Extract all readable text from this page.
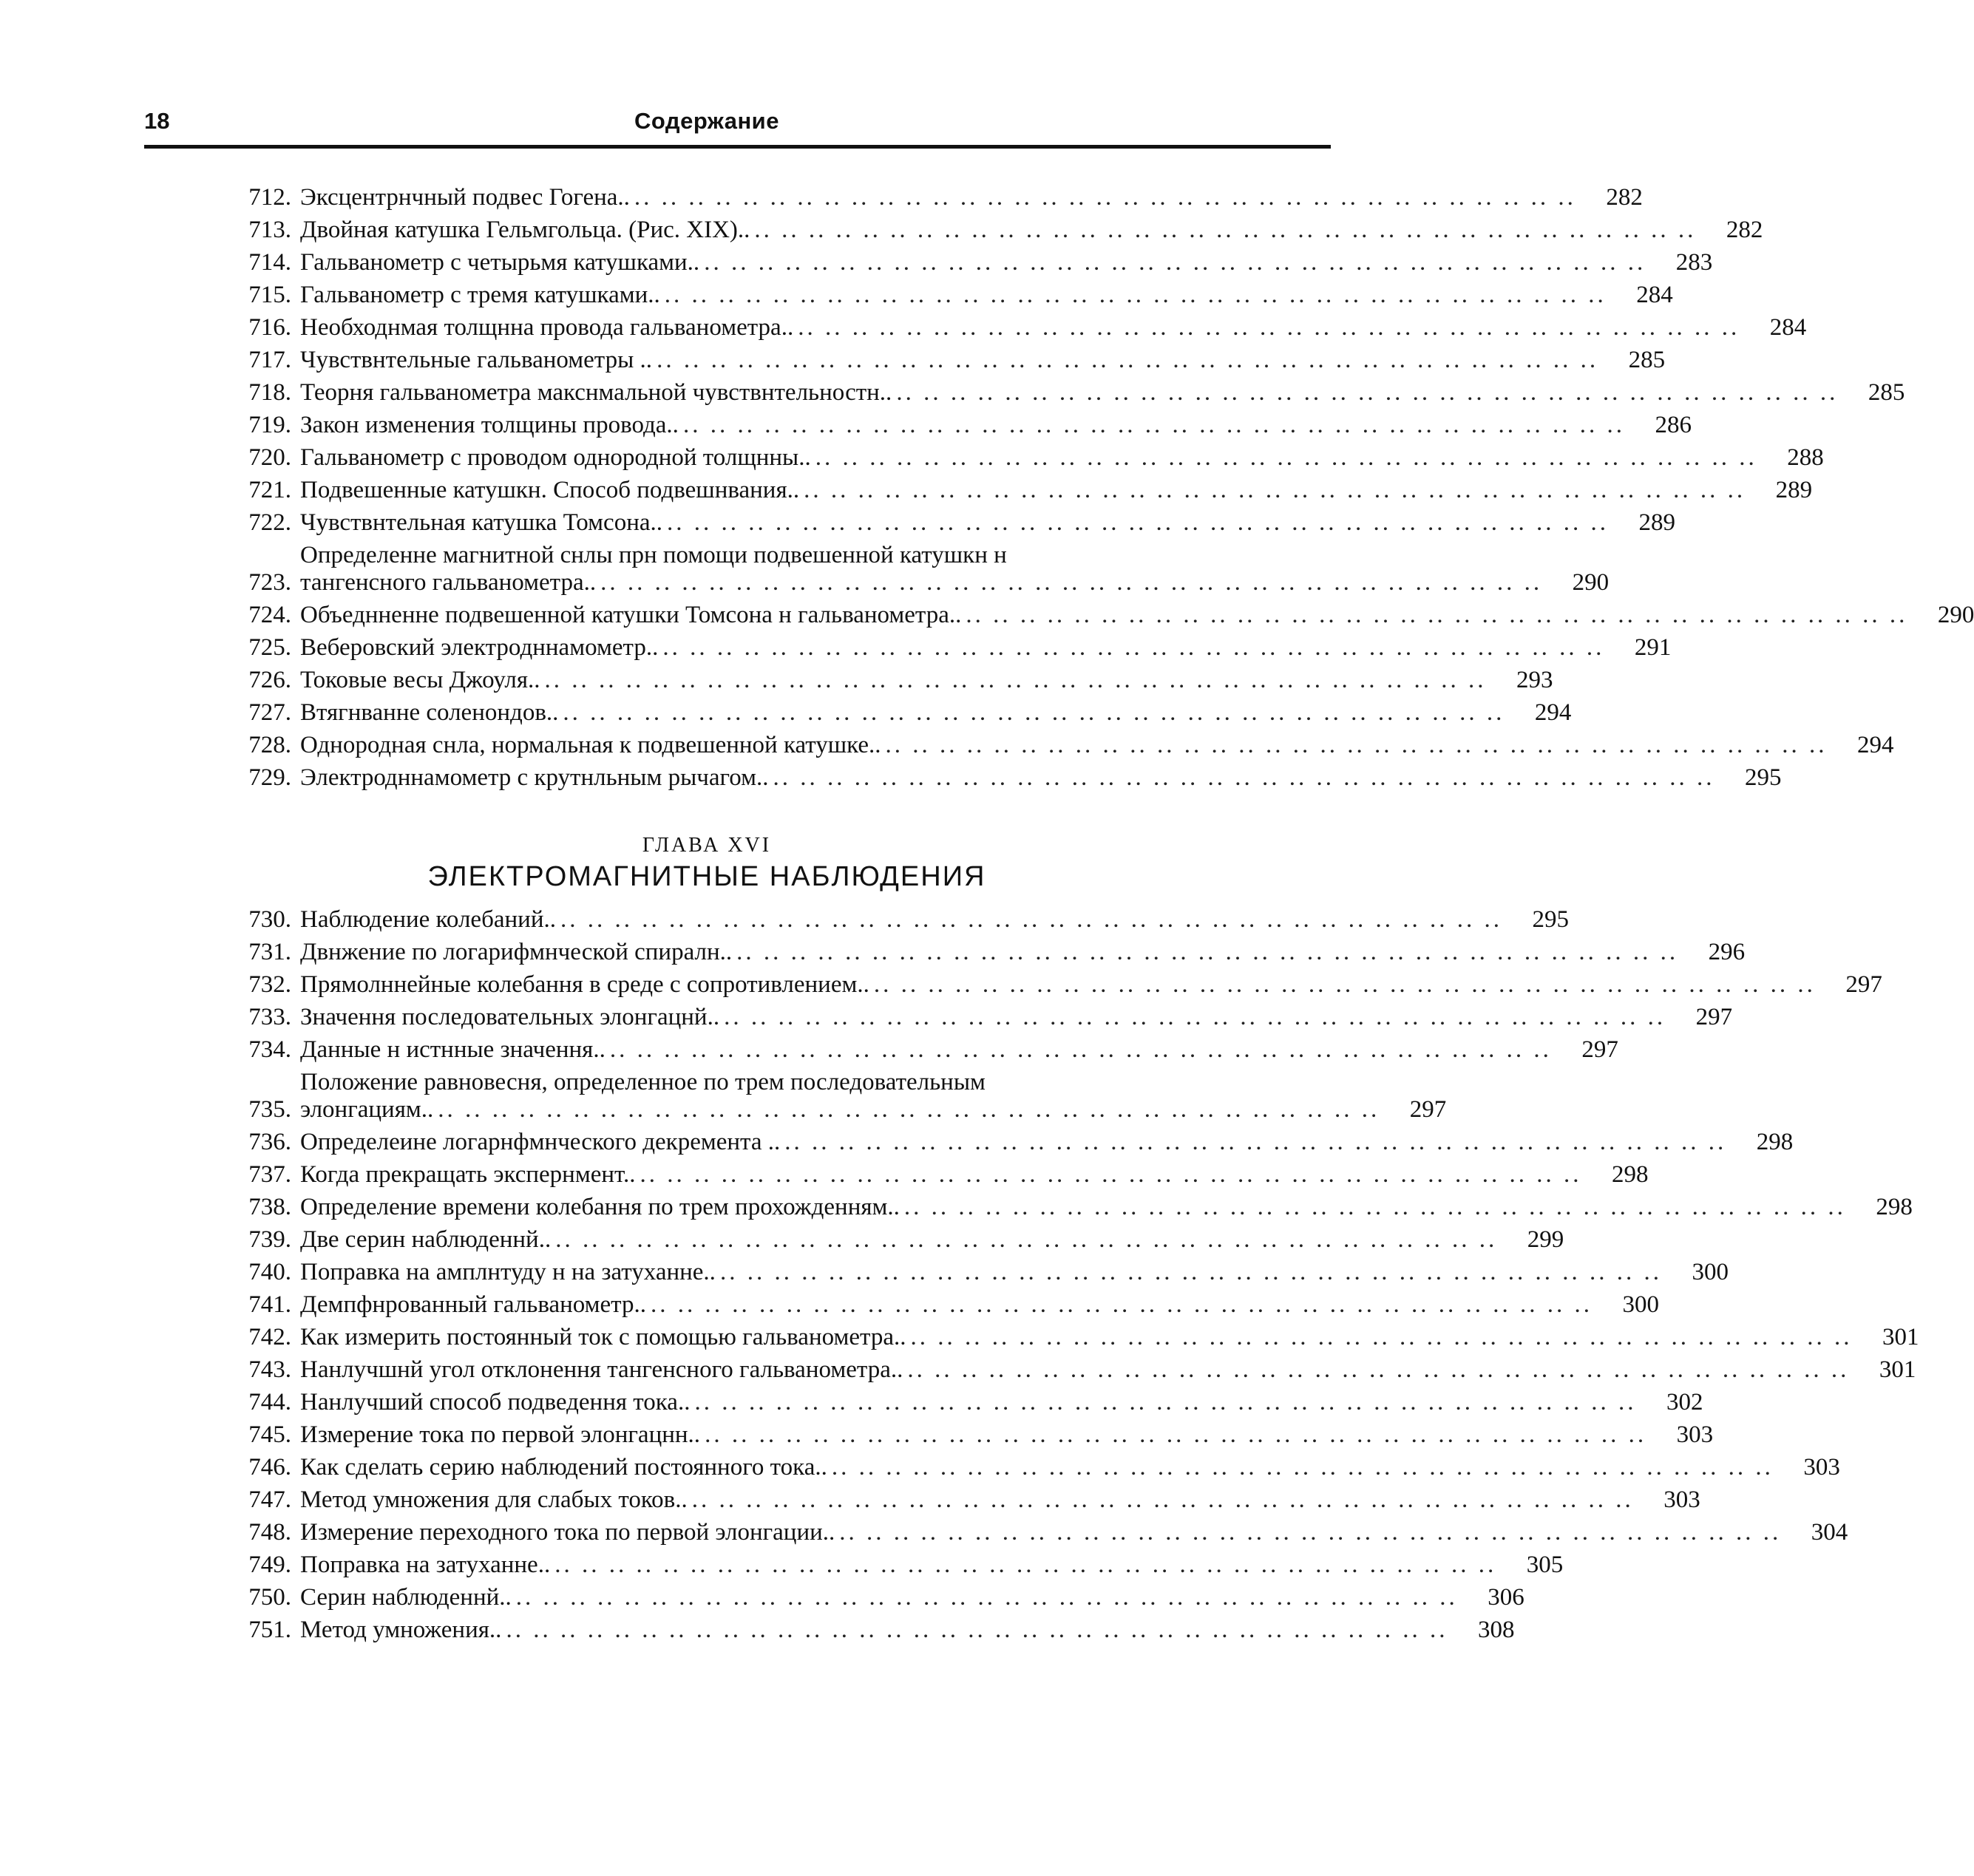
18	Содержание
712. Эксцентрнчный подвес Гогена.. .. ..	282
713. Двойная катушка Гельмгольца. (Рис. XIX).. .. ..	282
714. Гальванометр с четырьмя катушками.. .. ..	283
715. Гальванометр с тремя катушками.. .. ..	284
716. Необходнмая толщнна провода гальванометра.. .. ..	284
717. Чувствнтельные гальванометры .. .. ..	285
718. Теорня гальванометра макснмальной чувствнтельностн.. .. ..	285
719. Закон изменения толщины провода.. .. ..	286
720. Гальванометр с проводом однородной толщнны.. .. ..	288
721. Подвешенные катушкн. Способ подвешнвания.. .. ..	289
722. Чувствнтельная катушка Томсона.. .. ..	289
723.
Определенне магнитной снлы прн помощи подвешенной катушкн н
тангенсного гальванометра.. .. ..	290
724. Объеднненне подвешенной катушки Томсона н гальванометра.. .. ..	290
725. Веберовский электродннамометр.. .. ..	291
726. Токовые весы Джоуля.. .. ..	293
727. Втягнванне соленондов.. .. ..	294
728. Однородная снла, нормальная к подвешенной катушке.. .. ..	294
729. Электродннамометр с крутнльным рычагом.. .. ..	295
ГЛАВА XVI
ЭЛЕКТРОМАГНИТНЫЕ НАБЛЮДЕНИЯ
730. Наблюдение колебаний.. .. ..	295
731. Двнжение по логарифмнческой спиралн.. .. ..	296
732. Прямолннейные колебання в среде с сопротивлением.. .. ..	297
733. Значення последовательных элонгацнй.. .. ..	297
734. Данные н истнные значення.. .. ..	297
735.
Положение равновесня, определенное по трем последовательным
элонгациям.. .. ..	297
736. Определеине логарнфмнческого декремента .. .. ..	298
737. Когда прекращать экспернмент.. .. ..	298
738. Определение времени колебання по трем прохожденням.. .. ..	298
739. Две серин наблюденнй.. .. ..	299
740. Поправка на амплнтуду н на затуханне.. .. ..	300
741. Демпфнрованный гальванометр.. .. ..	300
742. Как измерить постоянный ток с помощью гальванометра.. .. ..	301
743. Нанлучшнй угол отклонення тангенсного гальванометра.. .. ..	301
744. Нанлучший способ подведення тока.. .. ..	302
745. Измерение тока по первой элонгацнн.. .. ..	303
746. Как сделать серию наблюдений постоянного тока.. .. ..	303
747. Метод умножения для слабых токов.. .. ..	303
748. Измерение переходного тока по первой элонгации.. .. ..	304
749. Поправка на затуханне.. .. ..	305
750. Серин наблюденнй.. .. ..	306
751. Метод умножения.. .. ..	308
